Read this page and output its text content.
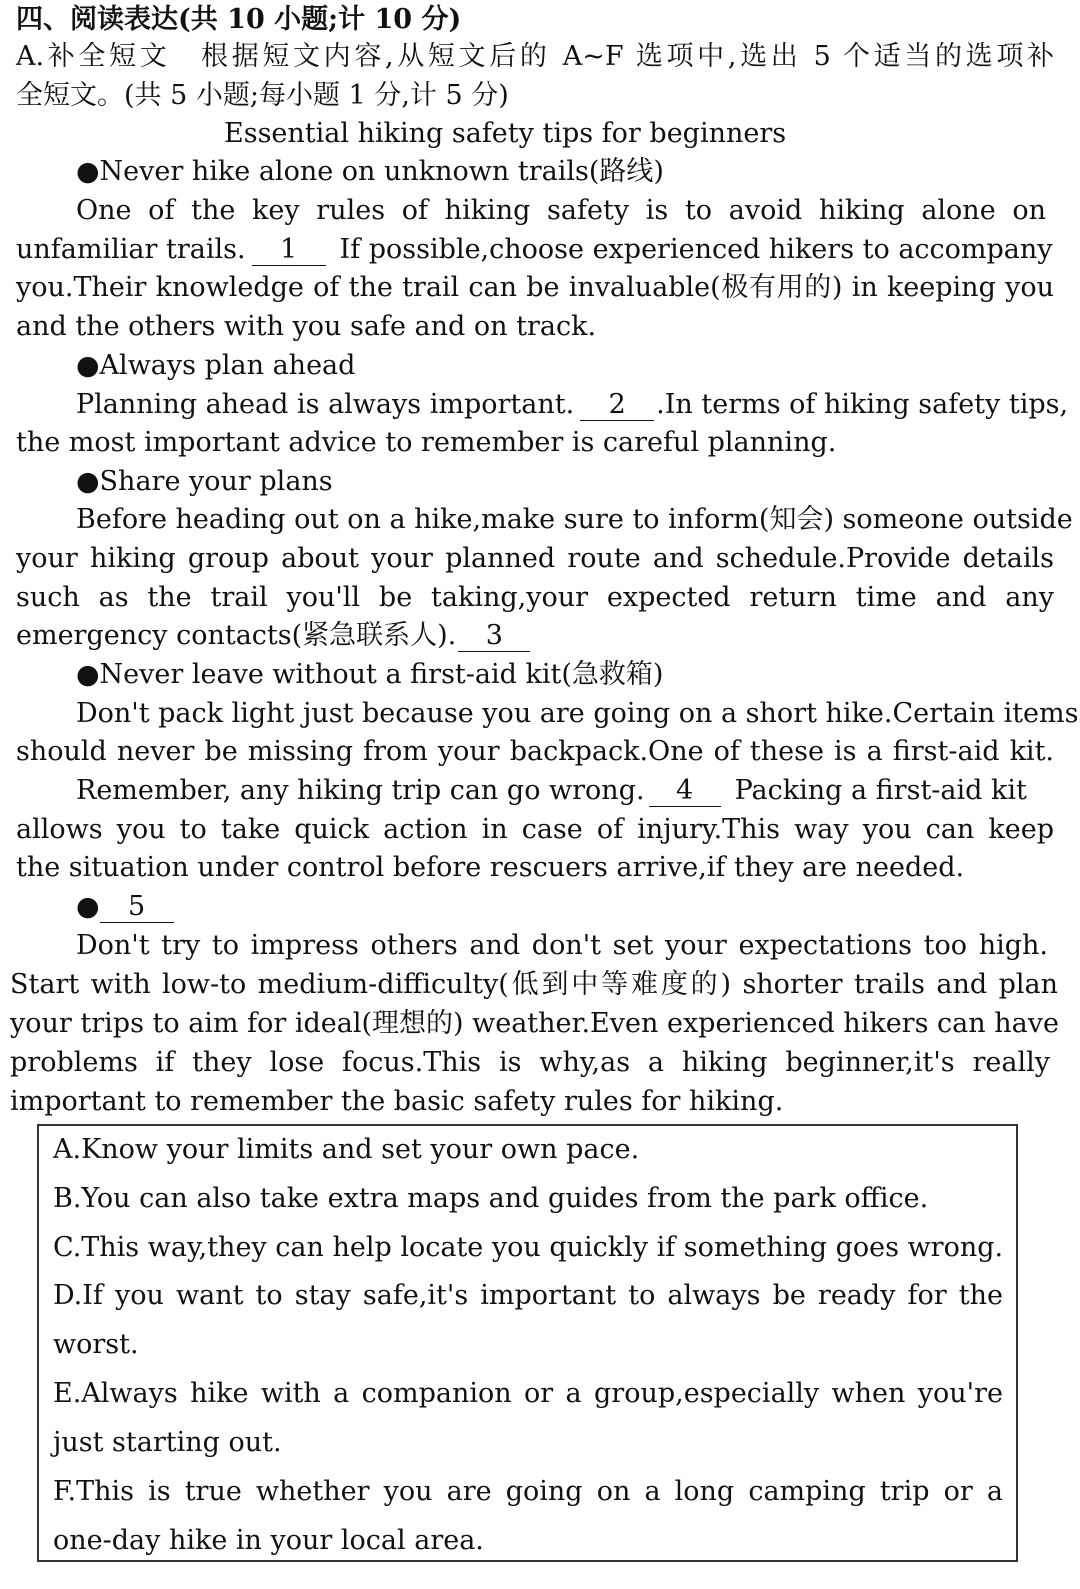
四、阅读表达(共 10 小题;计 10 分)
A.补全短文　根据短文内容,从短文后的 A~F 选项中,选出 5 个适当的选项补
全短文。(共 5 小题;每小题 1 分,计 5 分)
Essential hiking safety tips for beginners
●Never hike alone on unknown trails(路线)
One of the key rules of hiking safety is to avoid hiking alone on
unfamiliar trails. 1 If possible,choose experienced hikers to accompany
you.Their knowledge of the trail can be invaluable(极有用的) in keeping you
and the others with you safe and on track.
●Always plan ahead
Planning ahead is always important. 2 .In terms of hiking safety tips,
the most important advice to remember is careful planning.
●Share your plans
Before heading out on a hike,make sure to inform(知会) someone outside
your hiking group about your planned route and schedule.Provide details
such as the trail you'll be taking,your expected return time and any
emergency contacts(紧急联系人). 3
●Never leave without a first-aid kit(急救箱)
Don't pack light just because you are going on a short hike.Certain items
should never be missing from your backpack.One of these is a first-aid kit.
Remember, any hiking trip can go wrong. 4 Packing a first-aid kit
allows you to take quick action in case of injury.This way you can keep
the situation under control before rescuers arrive,if they are needed.
● 5
Don't try to impress others and don't set your expectations too high.
Start with low-to medium-difficulty(低到中等难度的) shorter trails and plan
your trips to aim for ideal(理想的) weather.Even experienced hikers can have
problems if they lose focus.This is why,as a hiking beginner,it's really
important to remember the basic safety rules for hiking.
A.Know your limits and set your own pace.
B.You can also take extra maps and guides from the park office.
C.This way,they can help locate you quickly if something goes wrong.
D.If you want to stay safe,it's important to always be ready for the
worst.
E.Always hike with a companion or a group,especially when you're
just starting out.
F.This is true whether you are going on a long camping trip or a
one-day hike in your local area.
